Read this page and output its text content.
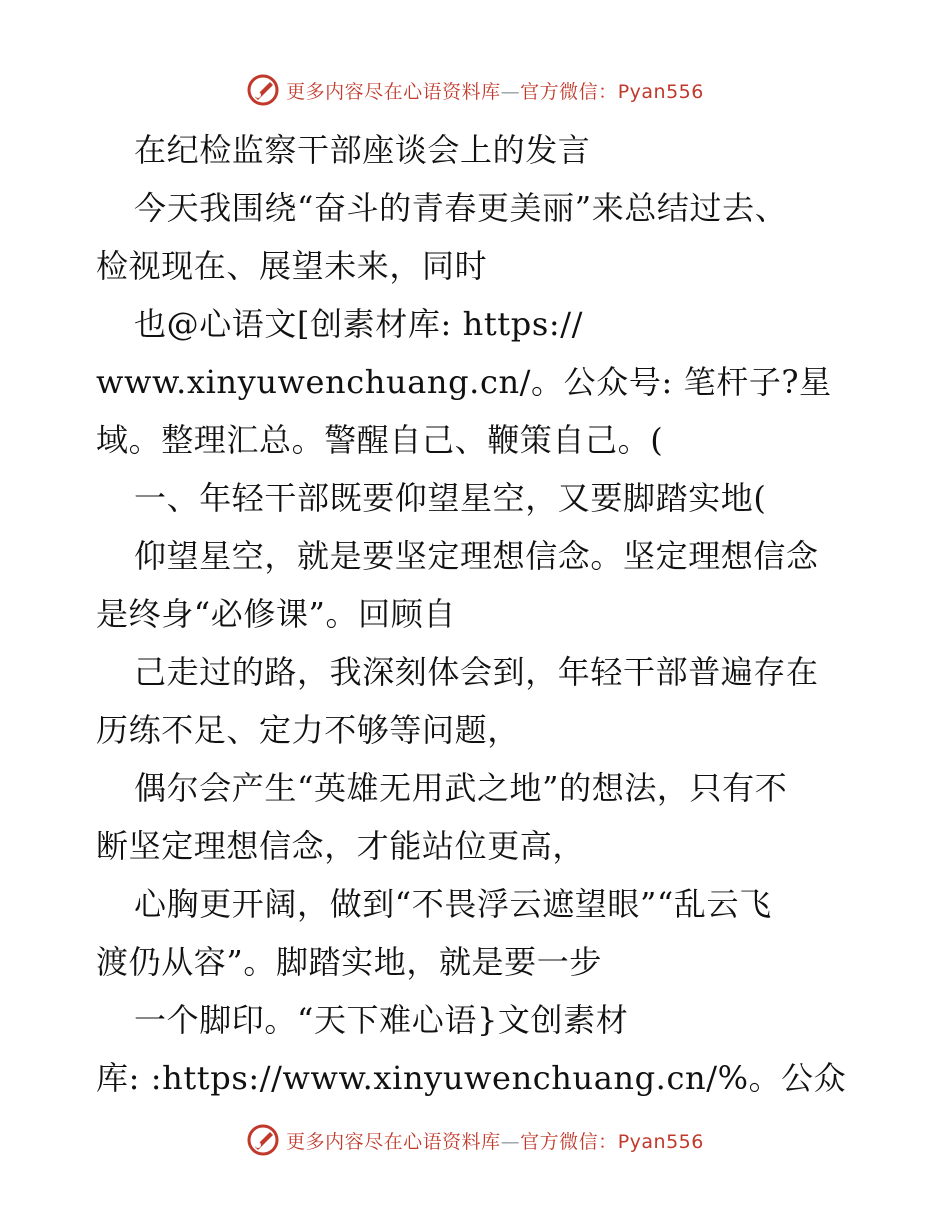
更多内容尽在心语资料库—官方微信：Pyan556
在纪检监察干部座谈会上的发言
今天我围绕“奋斗的青春更美丽”来总结过去、
检视现在、展望未来，同时
也@心语文[创素材库: https://
www.xinyuwenchuang.cn/。公众号: 笔杆子?星
域。整理汇总。警醒自己、鞭策自己。(
一、年轻干部既要仰望星空，又要脚踏实地(
仰望星空，就是要坚定理想信念。坚定理想信念
是终身“必修课”。回顾自
己走过的路，我深刻体会到，年轻干部普遍存在
历练不足、定力不够等问题，
偶尔会产生“英雄无用武之地”的想法，只有不
断坚定理想信念，才能站位更高，
心胸更开阔，做到“不畏浮云遮望眼”“乱云飞
渡仍从容”。脚踏实地，就是要一步
一个脚印。“天下难心语}文创素材
库: :https://www.xinyuwenchuang.cn/%。公众
更多内容尽在心语资料库—官方微信：Pyan556
